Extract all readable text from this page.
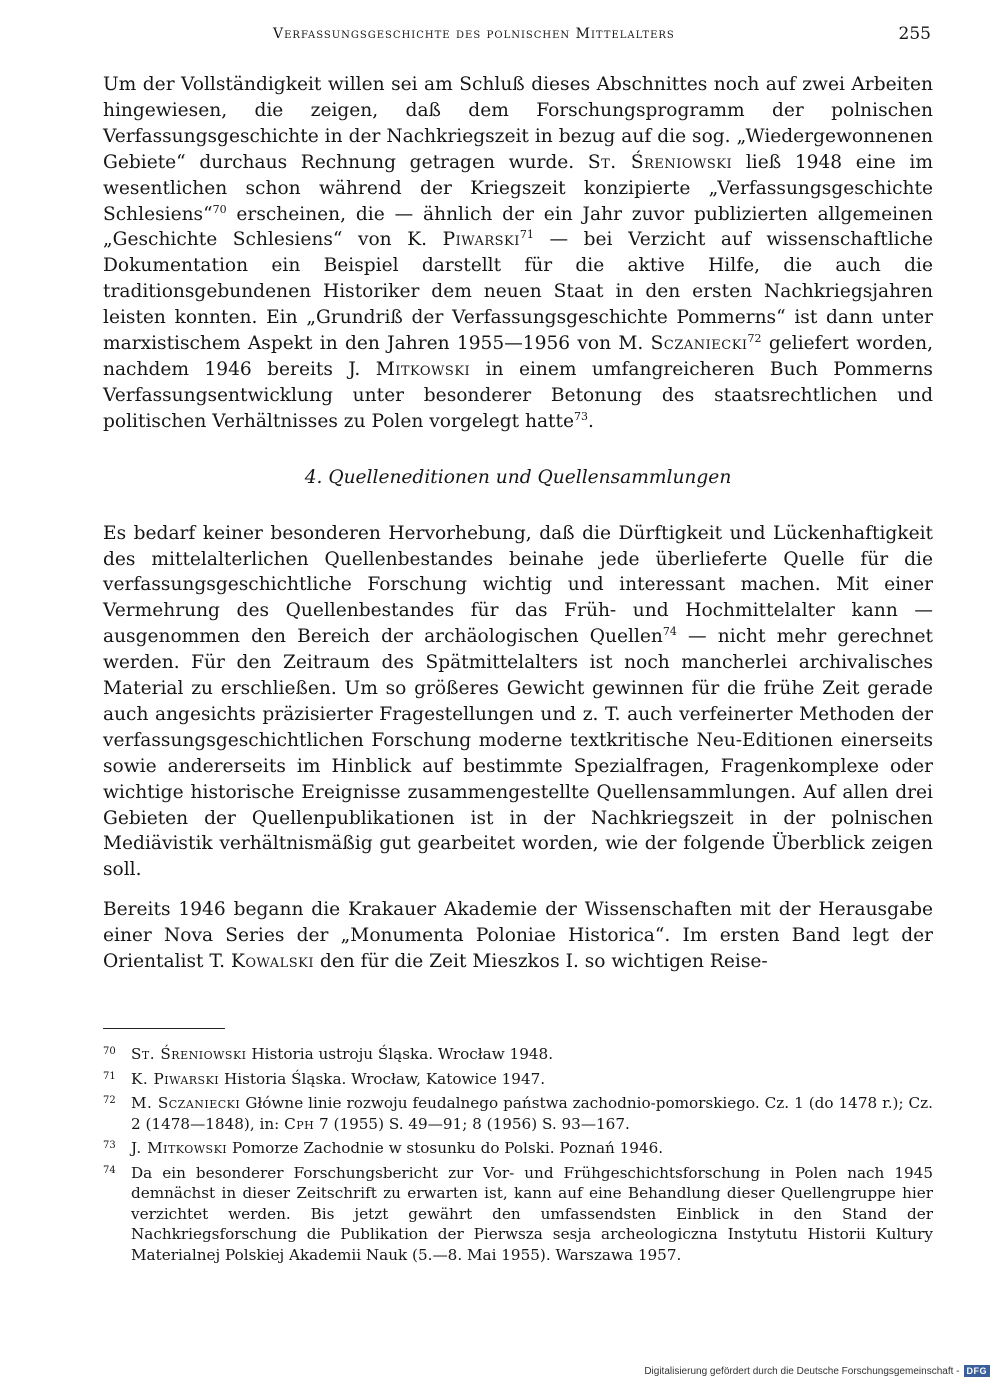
Verfassungsgeschichte des polnischen Mittelalters	255

Um der Vollständigkeit willen sei am Schluß dieses Abschnittes noch auf zwei Arbeiten hingewiesen, die zeigen, daß dem Forschungsprogramm der polnischen Verfassungsgeschichte in der Nachkriegszeit in bezug auf die sog. „Wiedergewonnenen Gebiete“ durchaus Rechnung getragen wurde. St. Śreniowski ließ 1948 eine im wesentlichen schon während der Kriegszeit konzipierte „Verfassungsgeschichte Schlesiens“$^{70}$ erscheinen, die — ähnlich der ein Jahr zuvor publizierten allgemeinen „Geschichte Schlesiens“ von K. Piwarski$^{71}$ — bei Verzicht auf wissenschaftliche Dokumentation ein Beispiel darstellt für die aktive Hilfe, die auch die traditionsgebundenen Historiker dem neuen Staat in den ersten Nachkriegsjahren leisten konnten. Ein „Grundriß der Verfassungsgeschichte Pommerns“ ist dann unter marxistischem Aspekt in den Jahren 1955—1956 von M. Sczaniecki$^{72}$ geliefert worden, nachdem 1946 bereits J. Mitkowski in einem umfangreicheren Buch Pommerns Verfassungsentwicklung unter besonderer Betonung des staatsrechtlichen und politischen Verhältnisses zu Polen vorgelegt hatte$^{73}$.

4. Quelleneditionen und Quellensammlungen

Es bedarf keiner besonderen Hervorhebung, daß die Dürftigkeit und Lückenhaftigkeit des mittelalterlichen Quellenbestandes beinahe jede überlieferte Quelle für die verfassungsgeschichtliche Forschung wichtig und interessant machen. Mit einer Vermehrung des Quellenbestandes für das Früh- und Hochmittelalter kann — ausgenommen den Bereich der archäologischen Quellen$^{74}$ — nicht mehr gerechnet werden. Für den Zeitraum des Spätmittelalters ist noch mancherlei archivalisches Material zu erschließen. Um so größeres Gewicht gewinnen für die frühe Zeit gerade auch angesichts präzisierter Fragestellungen und z. T. auch verfeinerter Methoden der verfassungsgeschichtlichen Forschung moderne textkritische Neu-Editionen einerseits sowie andererseits im Hinblick auf bestimmte Spezialfragen, Fragenkomplexe oder wichtige historische Ereignisse zusammengestellte Quellensammlungen. Auf allen drei Gebieten der Quellenpublikationen ist in der Nachkriegszeit in der polnischen Mediävistik verhältnismäßig gut gearbeitet worden, wie der folgende Überblick zeigen soll.

Bereits 1946 begann die Krakauer Akademie der Wissenschaften mit der Herausgabe einer Nova Series der „Monumenta Poloniae Historica“. Im ersten Band legt der Orientalist T. Kowalski den für die Zeit Mieszkos I. so wichtigen Reise-

70 St. Śreniowski Historia ustroju Śląska. Wrocław 1948.

71 K. Piwarski Historia Śląska. Wrocław, Katowice 1947.

72 M. Sczaniecki Główne linie rozwoju feudalnego państwa zachodnio-pomorskiego. Cz. 1 (do 1478 r.); Cz. 2 (1478—1848), in: Cph 7 (1955) S. 49—91; 8 (1956) S. 93—167.

73 J. Mitkowski Pomorze Zachodnie w stosunku do Polski. Poznań 1946.

74 Da ein besonderer Forschungsbericht zur Vor- und Frühgeschichtsforschung in Polen nach 1945 demnächst in dieser Zeitschrift zu erwarten ist, kann auf eine Behandlung dieser Quellengruppe hier verzichtet werden. Bis jetzt gewährt den umfassendsten Einblick in den Stand der Nachkriegsforschung die Publikation der Pierwsza sesja archeologiczna Instytutu Historii Kultury Materialnej Polskiej Akademii Nauk (5.—8. Mai 1955). Warszawa 1957.

Digitalisierung gefördert durch die Deutsche Forschungsgemeinschaft - DFG
